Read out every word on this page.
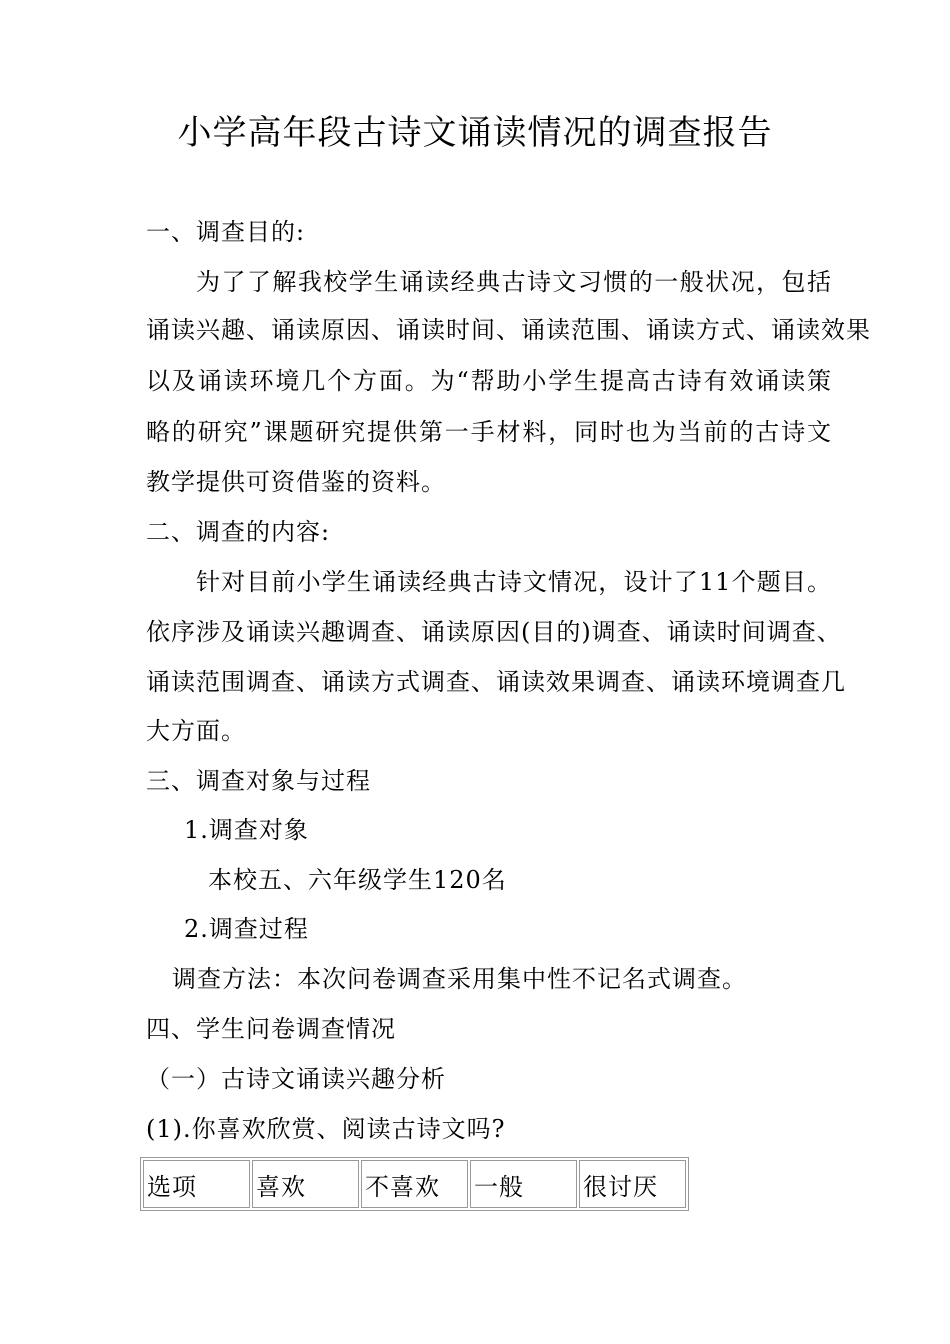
小学高年段古诗文诵读情况的调查报告
一、调查目的:
为了了解我校学生诵读经典古诗文习惯的一般状况，包括
诵读兴趣、诵读原因、诵读时间、诵读范围、诵读方式、诵读效果
以及诵读环境几个方面。为“帮助小学生提高古诗有效诵读策
略的研究”课题研究提供第一手材料，同时也为当前的古诗文
教学提供可资借鉴的资料。
二、调查的内容:
针对目前小学生诵读经典古诗文情况，设计了11个题目。
依序涉及诵读兴趣调查、诵读原因(目的)调查、诵读时间调查、
诵读范围调查、诵读方式调查、诵读效果调查、诵读环境调查几
大方面。
三、调查对象与过程
1.调查对象
本校五、六年级学生120名
2.调查过程
调查方法：本次问卷调查采用集中性不记名式调查。
四、学生问卷调查情况
（一）古诗文诵读兴趣分析
(1).你喜欢欣赏、阅读古诗文吗?
选项	喜欢	不喜欢	一般	很讨厌
